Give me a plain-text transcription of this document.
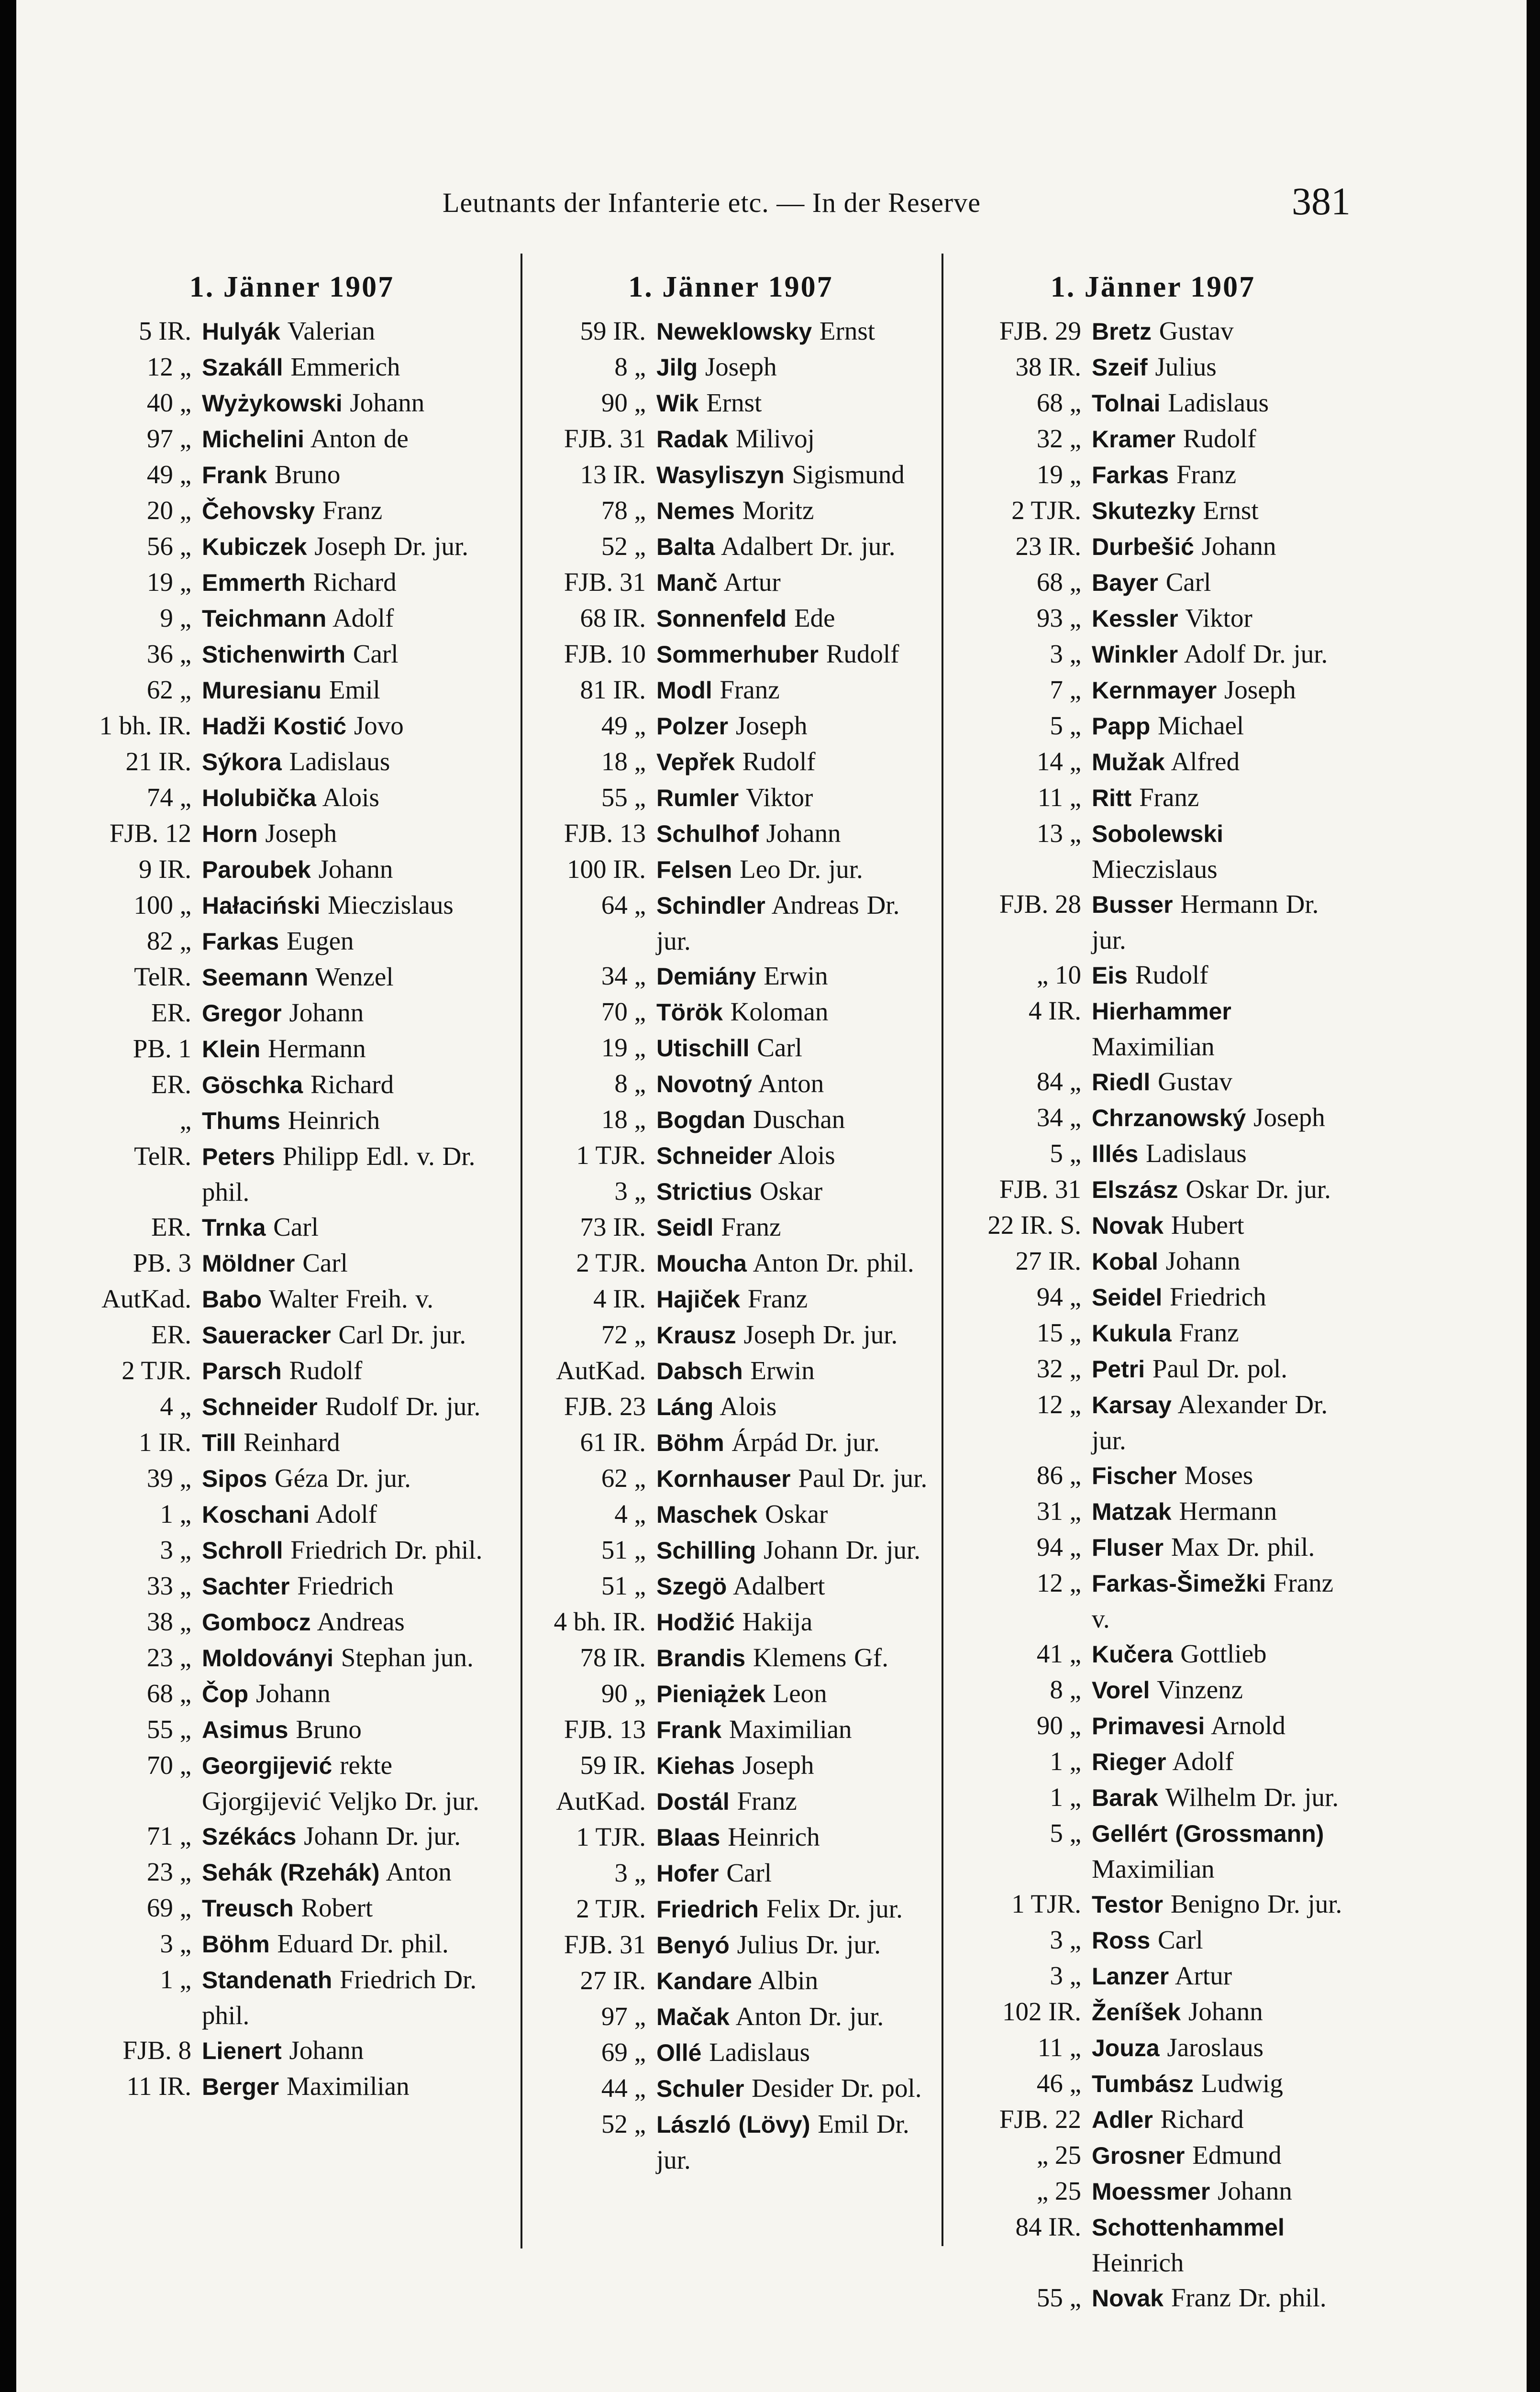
Leutnants der Infanterie etc. — In der Reserve	381
1. Jänner 1907
5 IR. Hulyák Valerian
12 „ Szakáll Emmerich
40 „ Wyżykowski Johann
97 „ Michelini Anton de
49 „ Frank Bruno
20 „ Čehovsky Franz
56 „ Kubiczek Joseph Dr. jur.
19 „ Emmerth Richard
9 „ Teichmann Adolf
36 „ Stichenwirth Carl
62 „ Muresianu Emil
1 bh. IR. Hadži Kostić Jovo
21 IR. Sýkora Ladislaus
74 „ Holubička Alois
FJB. 12 Horn Joseph
9 IR. Paroubek Johann
100 „ Hałaciński Mieczislaus
82 „ Farkas Eugen
TelR. Seemann Wenzel
ER. Gregor Johann
PB. 1 Klein Hermann
ER. Göschka Richard
„ Thums Heinrich
TelR. Peters Philipp Edl. v. Dr. phil.
ER. Trnka Carl
PB. 3 Möldner Carl
AutKad. Babo Walter Freih. v.
ER. Saueracker Carl Dr. jur.
2 TJR. Parsch Rudolf
4 „ Schneider Rudolf Dr. jur.
1 IR. Till Reinhard
39 „ Sipos Géza Dr. jur.
1 „ Koschani Adolf
3 „ Schroll Friedrich Dr. phil.
33 „ Sachter Friedrich
38 „ Gombocz Andreas
23 „ Moldoványi Stephan jun.
68 „ Čop Johann
55 „ Asimus Bruno
70 „ Georgijević rekte Gjorgijević Veljko Dr. jur.
71 „ Székács Johann Dr. jur.
23 „ Sehák (Rzehák) Anton
69 „ Treusch Robert
3 „ Böhm Eduard Dr. phil.
1 „ Standenath Friedrich Dr. phil.
FJB. 8 Lienert Johann
11 IR. Berger Maximilian
1. Jänner 1907
59 IR. Neweklowsky Ernst
8 „ Jilg Joseph
90 „ Wik Ernst
FJB. 31 Radak Milivoj
13 IR. Wasyliszyn Sigismund
78 „ Nemes Moritz
52 „ Balta Adalbert Dr. jur.
FJB. 31 Manč Artur
68 IR. Sonnenfeld Ede
FJB. 10 Sommerhuber Rudolf
81 IR. Modl Franz
49 „ Polzer Joseph
18 „ Vepřek Rudolf
55 „ Rumler Viktor
FJB. 13 Schulhof Johann
100 IR. Felsen Leo Dr. jur.
64 „ Schindler Andreas Dr. jur.
34 „ Demiány Erwin
70 „ Török Koloman
19 „ Utischill Carl
8 „ Novotný Anton
18 „ Bogdan Duschan
1 TJR. Schneider Alois
3 „ Strictius Oskar
73 IR. Seidl Franz
2 TJR. Moucha Anton Dr. phil.
4 IR. Hajiček Franz
72 „ Krausz Joseph Dr. jur.
AutKad. Dabsch Erwin
FJB. 23 Láng Alois
61 IR. Böhm Árpád Dr. jur.
62 „ Kornhauser Paul Dr. jur.
4 „ Maschek Oskar
51 „ Schilling Johann Dr. jur.
51 „ Szegö Adalbert
4 bh. IR. Hodžić Hakija
78 IR. Brandis Klemens Gf.
90 „ Pieniążek Leon
FJB. 13 Frank Maximilian
59 IR. Kiehas Joseph
AutKad. Dostál Franz
1 TJR. Blaas Heinrich
3 „ Hofer Carl
2 TJR. Friedrich Felix Dr. jur.
FJB. 31 Benyó Julius Dr. jur.
27 IR. Kandare Albin
97 „ Mačak Anton Dr. jur.
69 „ Ollé Ladislaus
44 „ Schuler Desider Dr. pol.
52 „ László (Lövy) Emil Dr. jur.
1. Jänner 1907
FJB. 29 Bretz Gustav
38 IR. Szeif Julius
68 „ Tolnai Ladislaus
32 „ Kramer Rudolf
19 „ Farkas Franz
2 TJR. Skutezky Ernst
23 IR. Durbešić Johann
68 „ Bayer Carl
93 „ Kessler Viktor
3 „ Winkler Adolf Dr. jur.
7 „ Kernmayer Joseph
5 „ Papp Michael
14 „ Mužak Alfred
11 „ Ritt Franz
13 „ Sobolewski Mieczislaus
FJB. 28 Busser Hermann Dr. jur.
„ 10 Eis Rudolf
4 IR. Hierhammer Maximilian
84 „ Riedl Gustav
34 „ Chrzanowský Joseph
5 „ Illés Ladislaus
FJB. 31 Elszász Oskar Dr. jur.
22 IR. S. Novak Hubert
27 IR. Kobal Johann
94 „ Seidel Friedrich
15 „ Kukula Franz
32 „ Petri Paul Dr. pol.
12 „ Karsay Alexander Dr. jur.
86 „ Fischer Moses
31 „ Matzak Hermann
94 „ Fluser Max Dr. phil.
12 „ Farkas-Šimežki Franz v.
41 „ Kučera Gottlieb
8 „ Vorel Vinzenz
90 „ Primavesi Arnold
1 „ Rieger Adolf
1 „ Barak Wilhelm Dr. jur.
5 „ Gellért (Grossmann) Maximilian
1 TJR. Testor Benigno Dr. jur.
3 „ Ross Carl
3 „ Lanzer Artur
102 IR. Ženíšek Johann
11 „ Jouza Jaroslaus
46 „ Tumbász Ludwig
FJB. 22 Adler Richard
„ 25 Grosner Edmund
„ 25 Moessmer Johann
84 IR. Schottenhammel Heinrich
55 „ Novak Franz Dr. phil.
